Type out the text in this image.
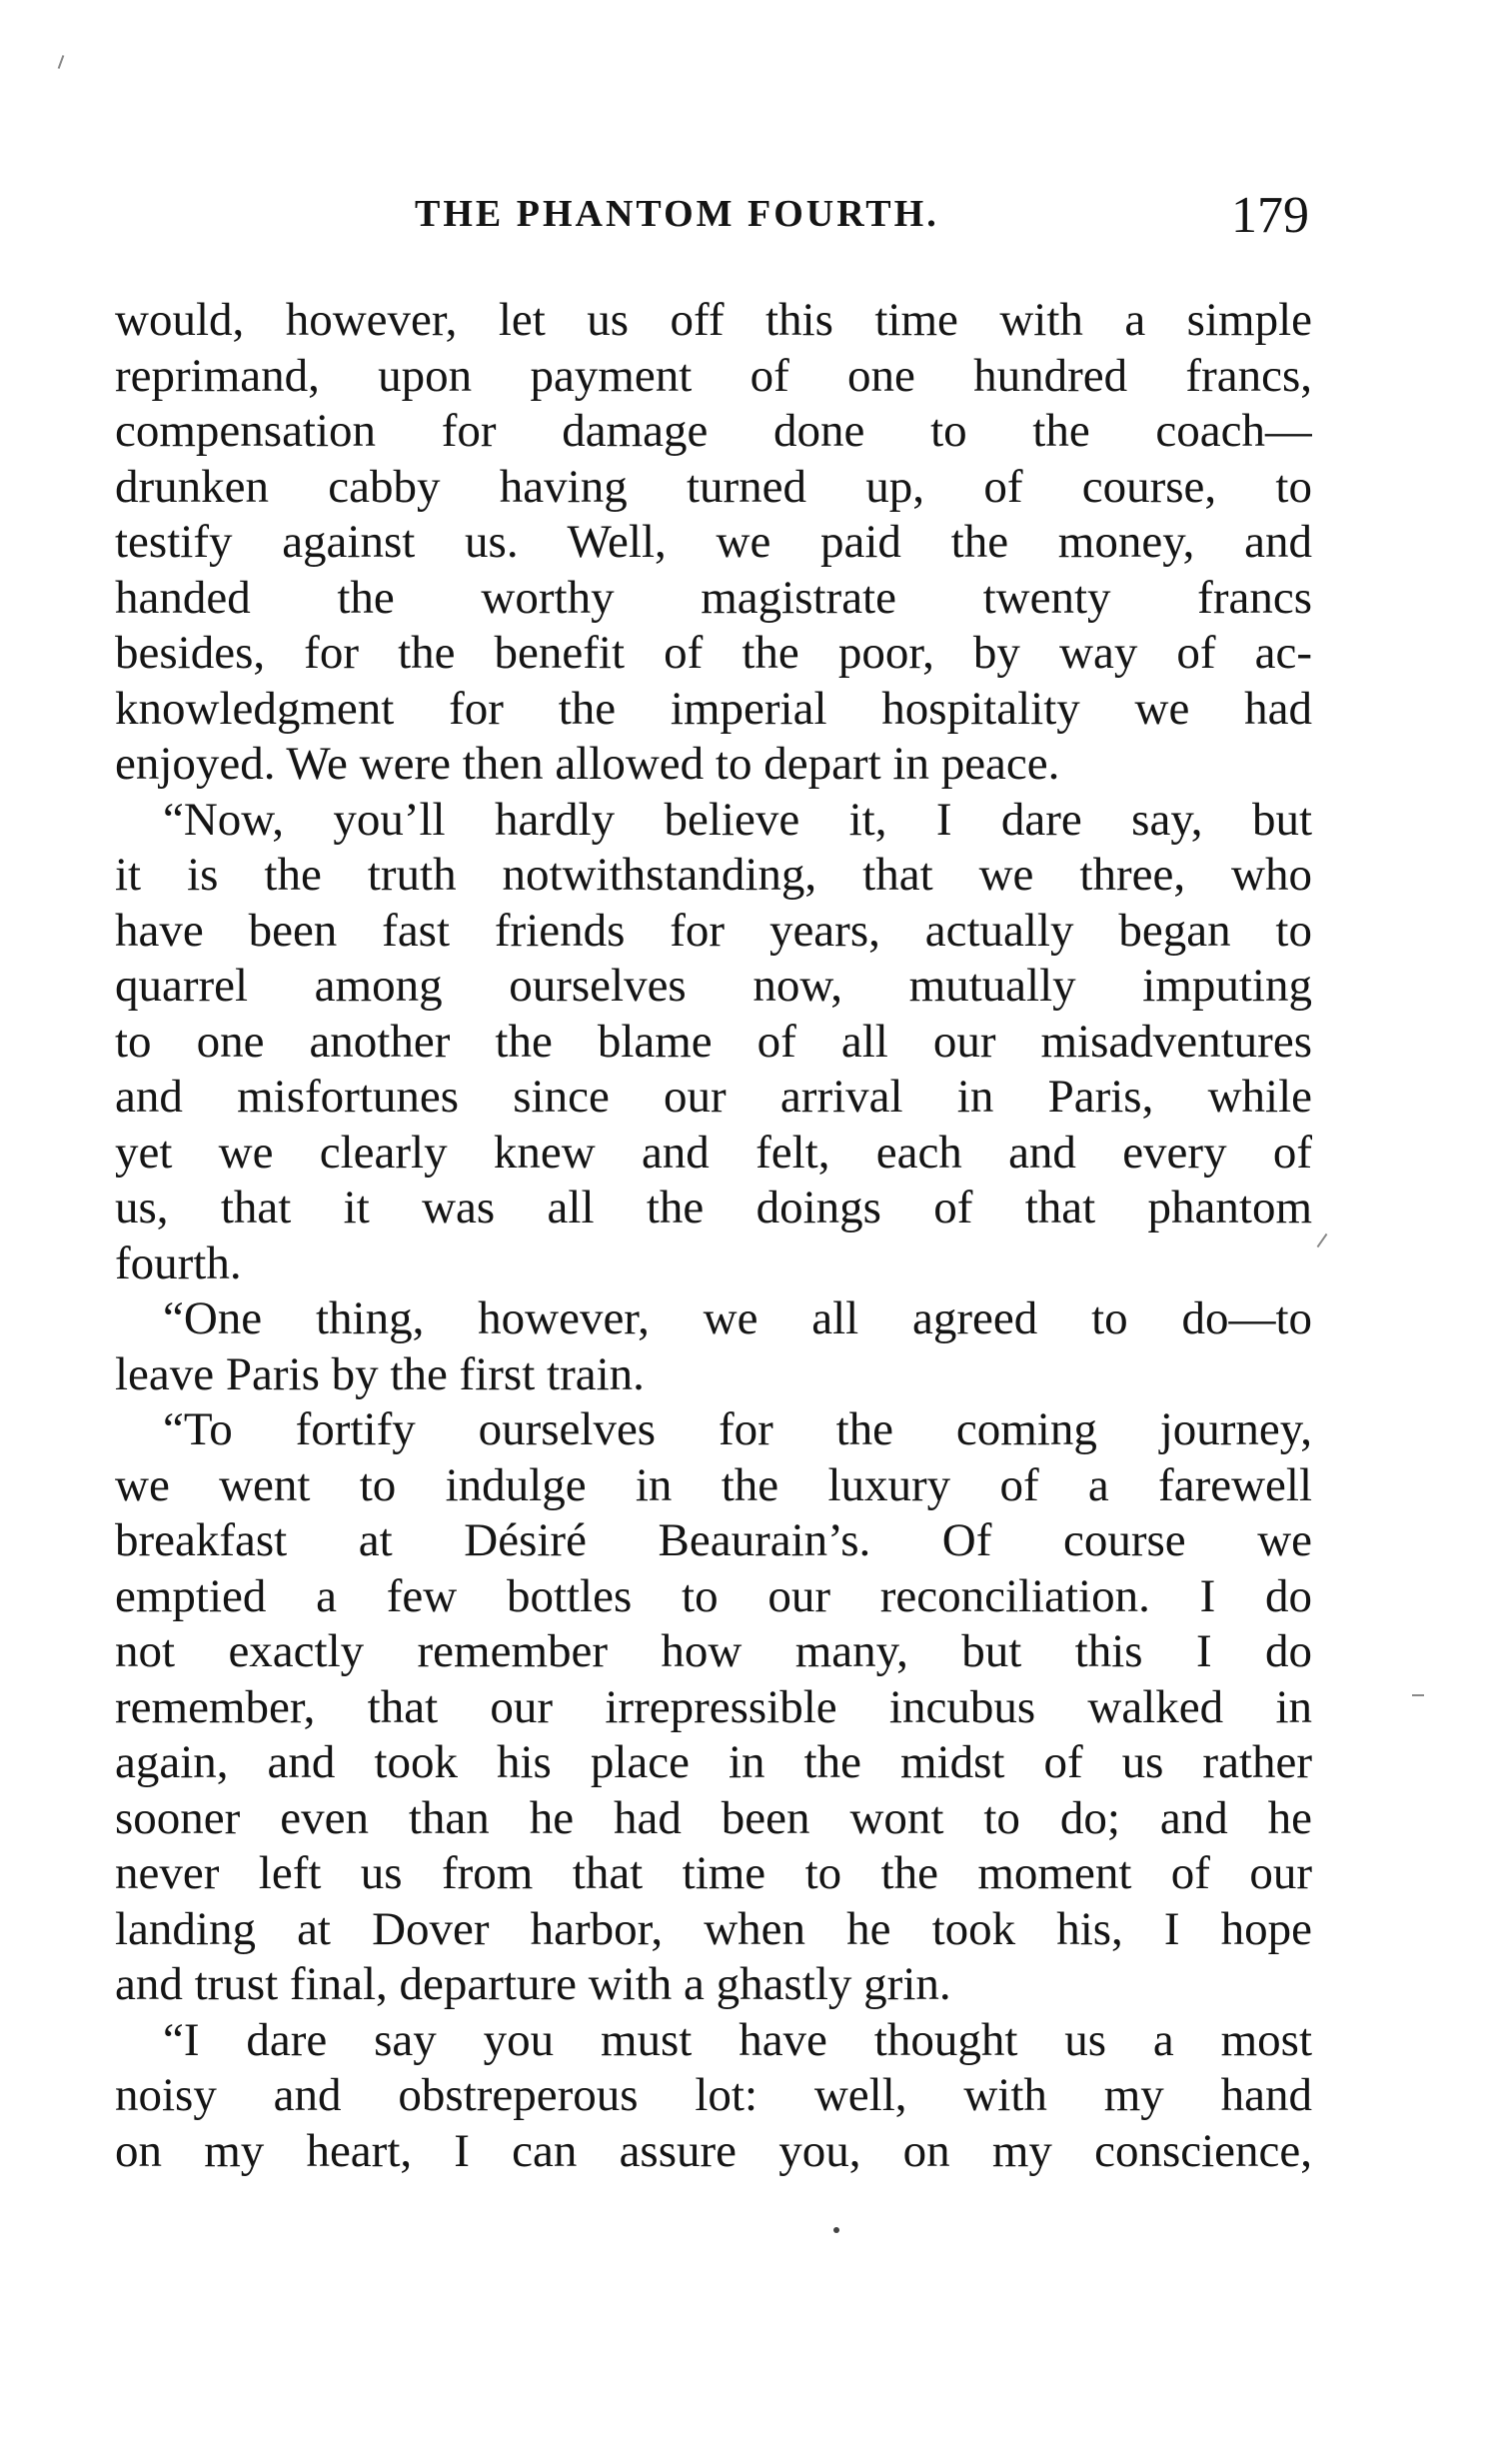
THE PHANTOM FOURTH.	179
would, however, let us off this time with a simple
reprimand, upon payment of one hundred francs,
compensation for damage done to the coach—
drunken cabby having turned up, of course, to
testify against us. Well, we paid the money, and
handed the worthy magistrate twenty francs
besides, for the benefit of the poor, by way of ac-
knowledgment for the imperial hospitality we had
enjoyed. We were then allowed to depart in peace.
“Now, you’ll hardly believe it, I dare say, but
it is the truth notwithstanding, that we three, who
have been fast friends for years, actually began to
quarrel among ourselves now, mutually imputing
to one another the blame of all our misadventures
and misfortunes since our arrival in Paris, while
yet we clearly knew and felt, each and every of
us, that it was all the doings of that phantom
fourth.
“One thing, however, we all agreed to do—to
leave Paris by the first train.
“To fortify ourselves for the coming journey,
we went to indulge in the luxury of a farewell
breakfast at Désiré Beaurain’s. Of course we
emptied a few bottles to our reconciliation. I do
not exactly remember how many, but this I do
remember, that our irrepressible incubus walked in
again, and took his place in the midst of us rather
sooner even than he had been wont to do; and he
never left us from that time to the moment of our
landing at Dover harbor, when he took his, I hope
and trust final, departure with a ghastly grin.
“I dare say you must have thought us a most
noisy and obstreperous lot: well, with my hand
on my heart, I can assure you, on my conscience,
